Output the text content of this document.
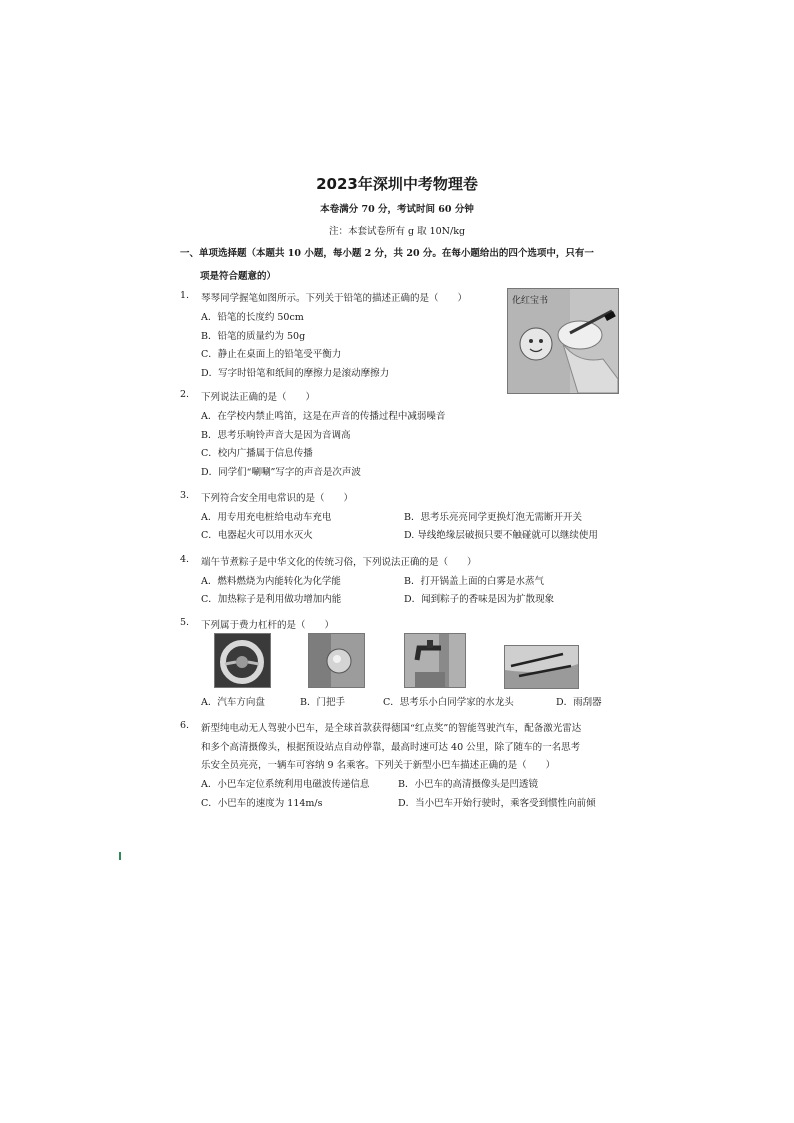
2023年深圳中考物理卷
本卷满分 70 分，考试时间 60 分钟
注：本套试卷所有 g 取 10N/kg
一、单项选择题（本题共 10 小题，每小题 2 分，共 20 分。在每小题给出的四个选项中，只有一
项是符合题意的）
1.	琴琴同学握笔如图所示。下列关于铅笔的描述正确的是（　　）
A．铅笔的长度约 50cm
B．铅笔的质量约为 50g
C．静止在桌面上的铅笔受平衡力
D．写字时铅笔和纸间的摩擦力是滚动摩擦力
化红宝书
2.	下列说法正确的是（　　）
A．在学校内禁止鸣笛，这是在声音的传播过程中减弱噪音
B．思考乐响铃声音大是因为音调高
C．校内广播属于信息传播
D．同学们“唰唰”写字的声音是次声波
3.	下列符合安全用电常识的是（　　）
A．用专用充电桩给电动车充电	B．思考乐亮亮同学更换灯泡无需断开开关
C．电器起火可以用水灭火	D. 导线绝缘层破损只要不触碰就可以继续使用
4.	端午节煮粽子是中华文化的传统习俗，下列说法正确的是（　　）
A．燃料燃烧为内能转化为化学能	B．打开锅盖上面的白雾是水蒸气
C．加热粽子是利用做功增加内能	D．闻到粽子的香味是因为扩散现象
5.	下列属于费力杠杆的是（　　）
A．汽车方向盘	B．门把手	C．思考乐小白同学家的水龙头	D．雨刮器
6.	新型纯电动无人驾驶小巴车，是全球首款获得德国“红点奖”的智能驾驶汽车，配备激光雷达
和多个高清摄像头，根据预设站点自动停靠，最高时速可达 40 公里，除了随车的一名思考
乐安全员亮亮，一辆车可容纳 9 名乘客。下列关于新型小巴车描述正确的是（　　）
A．小巴车定位系统利用电磁波传递信息	B．小巴车的高清摄像头是凹透镜
C．小巴车的速度为 114m/s	D．当小巴车开始行驶时，乘客受到惯性向前倾
